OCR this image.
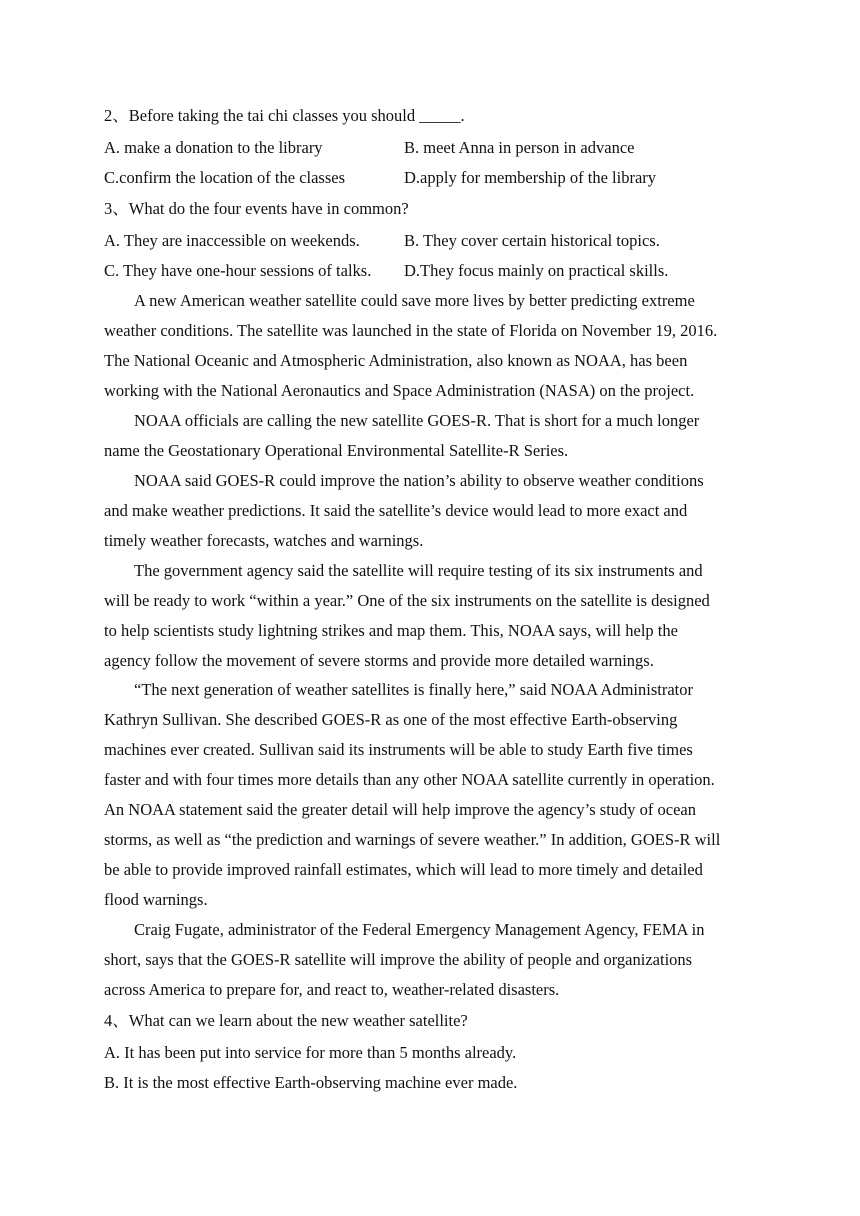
2、Before taking the tai chi classes you should _____.
A. make a donation to the library	B. meet Anna in person in advance
C.confirm the location of the classes	D.apply for membership of the library
3、What do the four events have in common?
A. They are inaccessible on weekends.	B. They cover certain historical topics.
C. They have one-hour sessions of talks. D.They focus mainly on practical skills.
A new American weather satellite could save more lives by better predicting extreme
weather conditions. The satellite was launched in the state of Florida on November 19, 2016.
The National Oceanic and Atmospheric Administration, also known as NOAA, has been
working with the National Aeronautics and Space Administration (NASA) on the project.
NOAA officials are calling the new satellite GOES-R. That is short for a much longer
name the Geostationary Operational Environmental Satellite-R Series.
NOAA said GOES-R could improve the nation’s ability to observe weather conditions
and make weather predictions. It said the satellite’s device would lead to more exact and
timely weather forecasts, watches and warnings.
The government agency said the satellite will require testing of its six instruments and
will be ready to work “within a year.” One of the six instruments on the satellite is designed
to help scientists study lightning strikes and map them. This, NOAA says, will help the
agency follow the movement of severe storms and provide more detailed warnings.
“The next generation of weather satellites is finally here,” said NOAA Administrator
Kathryn Sullivan. She described GOES-R as one of the most effective Earth-observing
machines ever created. Sullivan said its instruments will be able to study Earth five times
faster and with four times more details than any other NOAA satellite currently in operation.
An NOAA statement said the greater detail will help improve the agency’s study of ocean
storms, as well as “the prediction and warnings of severe weather.” In addition, GOES-R will
be able to provide improved rainfall estimates, which will lead to more timely and detailed
flood warnings.
Craig Fugate, administrator of the Federal Emergency Management Agency, FEMA in
short, says that the GOES-R satellite will improve the ability of people and organizations
across America to prepare for, and react to, weather-related disasters.
4、What can we learn about the new weather satellite?
A. It has been put into service for more than 5 months already.
B. It is the most effective Earth-observing machine ever made.
